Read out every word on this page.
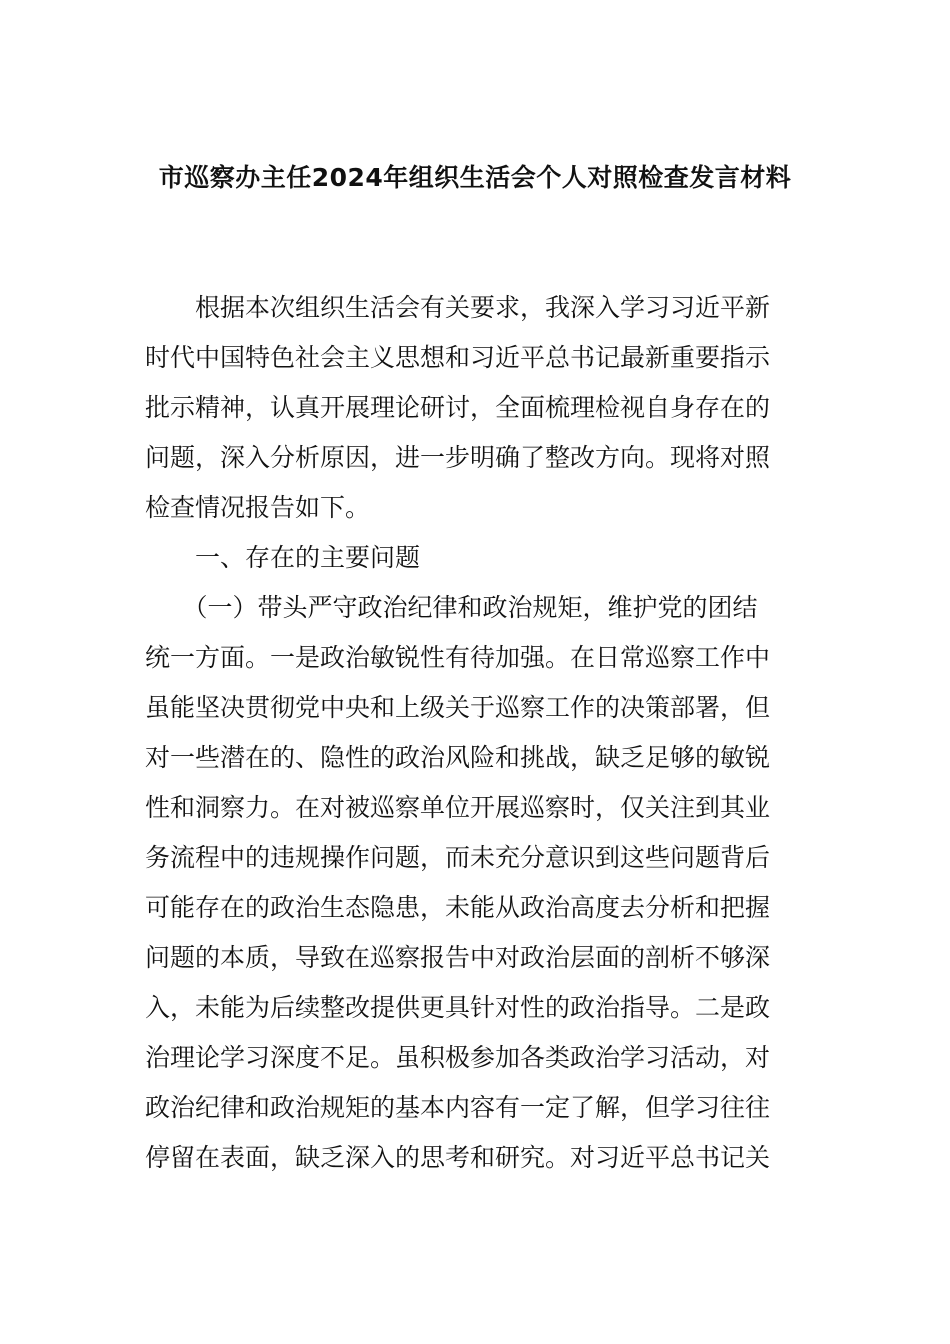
市巡察办主任2024年组织生活会个人对照检查发言材料
　　根据本次组织生活会有关要求，我深入学习习近平新
时代中国特色社会主义思想和习近平总书记最新重要指示
批示精神，认真开展理论研讨，全面梳理检视自身存在的
问题，深入分析原因，进一步明确了整改方向。现将对照
检查情况报告如下。
　　一、存在的主要问题
　　（一）带头严守政治纪律和政治规矩，维护党的团结
统一方面。一是政治敏锐性有待加强。在日常巡察工作中
虽能坚决贯彻党中央和上级关于巡察工作的决策部署，但
对一些潜在的、隐性的政治风险和挑战，缺乏足够的敏锐
性和洞察力。在对被巡察单位开展巡察时，仅关注到其业
务流程中的违规操作问题，而未充分意识到这些问题背后
可能存在的政治生态隐患，未能从政治高度去分析和把握
问题的本质，导致在巡察报告中对政治层面的剖析不够深
入，未能为后续整改提供更具针对性的政治指导。二是政
治理论学习深度不足。虽积极参加各类政治学习活动，对
政治纪律和政治规矩的基本内容有一定了解，但学习往往
停留在表面，缺乏深入的思考和研究。对习近平总书记关
